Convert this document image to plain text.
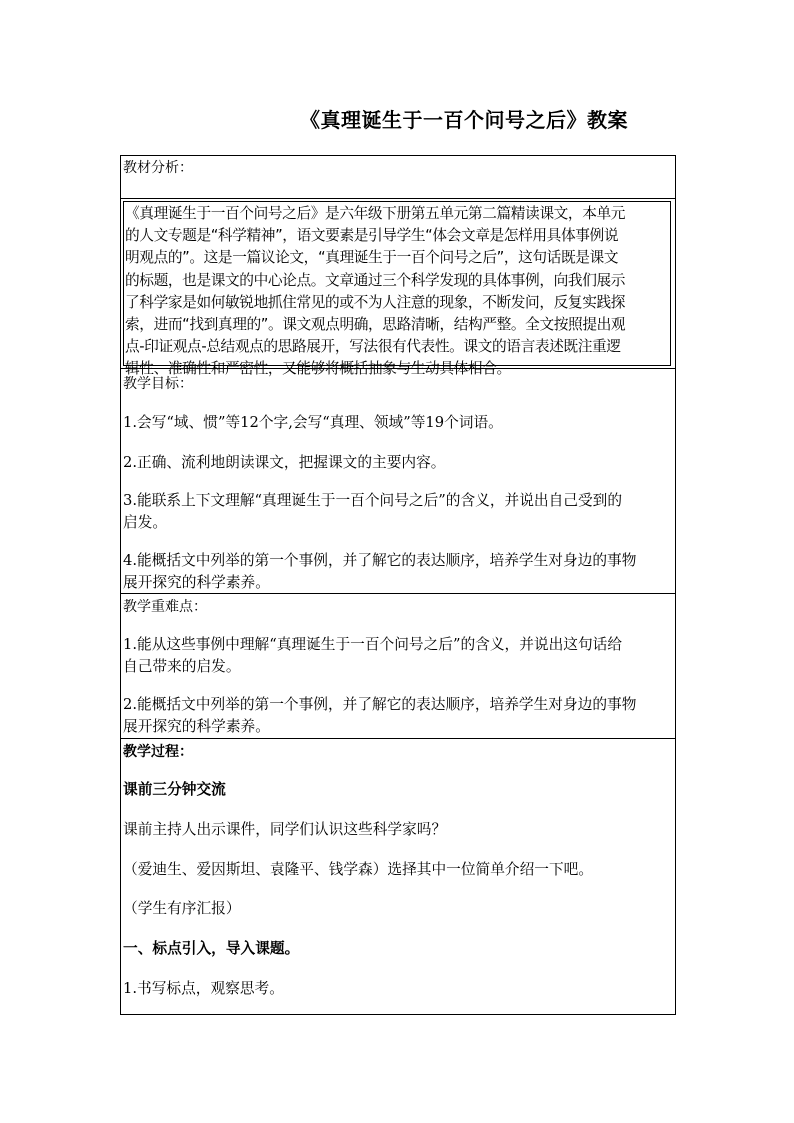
《真理诞生于一百个问号之后》教案
教材分析：
《真理诞生于一百个问号之后》是六年级下册第五单元第二篇精读课文，本单元
的人文专题是“科学精神”，语文要素是引导学生“体会文章是怎样用具体事例说
明观点的”。这是一篇议论文，“真理诞生于一百个问号之后”，这句话既是课文
的标题，也是课文的中心论点。文章通过三个科学发现的具体事例，向我们展示
了科学家是如何敏锐地抓住常见的或不为人注意的现象，不断发问，反复实践探
索，进而“找到真理的”。课文观点明确，思路清晰，结构严整。全文按照提出观
点-印证观点-总结观点的思路展开，写法很有代表性。课文的语言表述既注重逻
辑性、准确性和严密性，又能够将概括抽象与生动具体相合。
教学目标：
1.会写“域、惯”等12个字,会写“真理、领域”等19个词语。
2.正确、流利地朗读课文，把握课文的主要内容。
3.能联系上下文理解“真理诞生于一百个问号之后”的含义，并说出自己受到的
启发。
4.能概括文中列举的第一个事例，并了解它的表达顺序，培养学生对身边的事物
展开探究的科学素养。
教学重难点：
1.能从这些事例中理解“真理诞生于一百个问号之后”的含义，并说出这句话给
自己带来的启发。
2.能概括文中列举的第一个事例，并了解它的表达顺序，培养学生对身边的事物
展开探究的科学素养。
教学过程：
课前三分钟交流
课前主持人出示课件，同学们认识这些科学家吗？
（爱迪生、爱因斯坦、袁隆平、钱学森）选择其中一位简单介绍一下吧。
（学生有序汇报）
一、标点引入，导入课题。
1.书写标点，观察思考。
